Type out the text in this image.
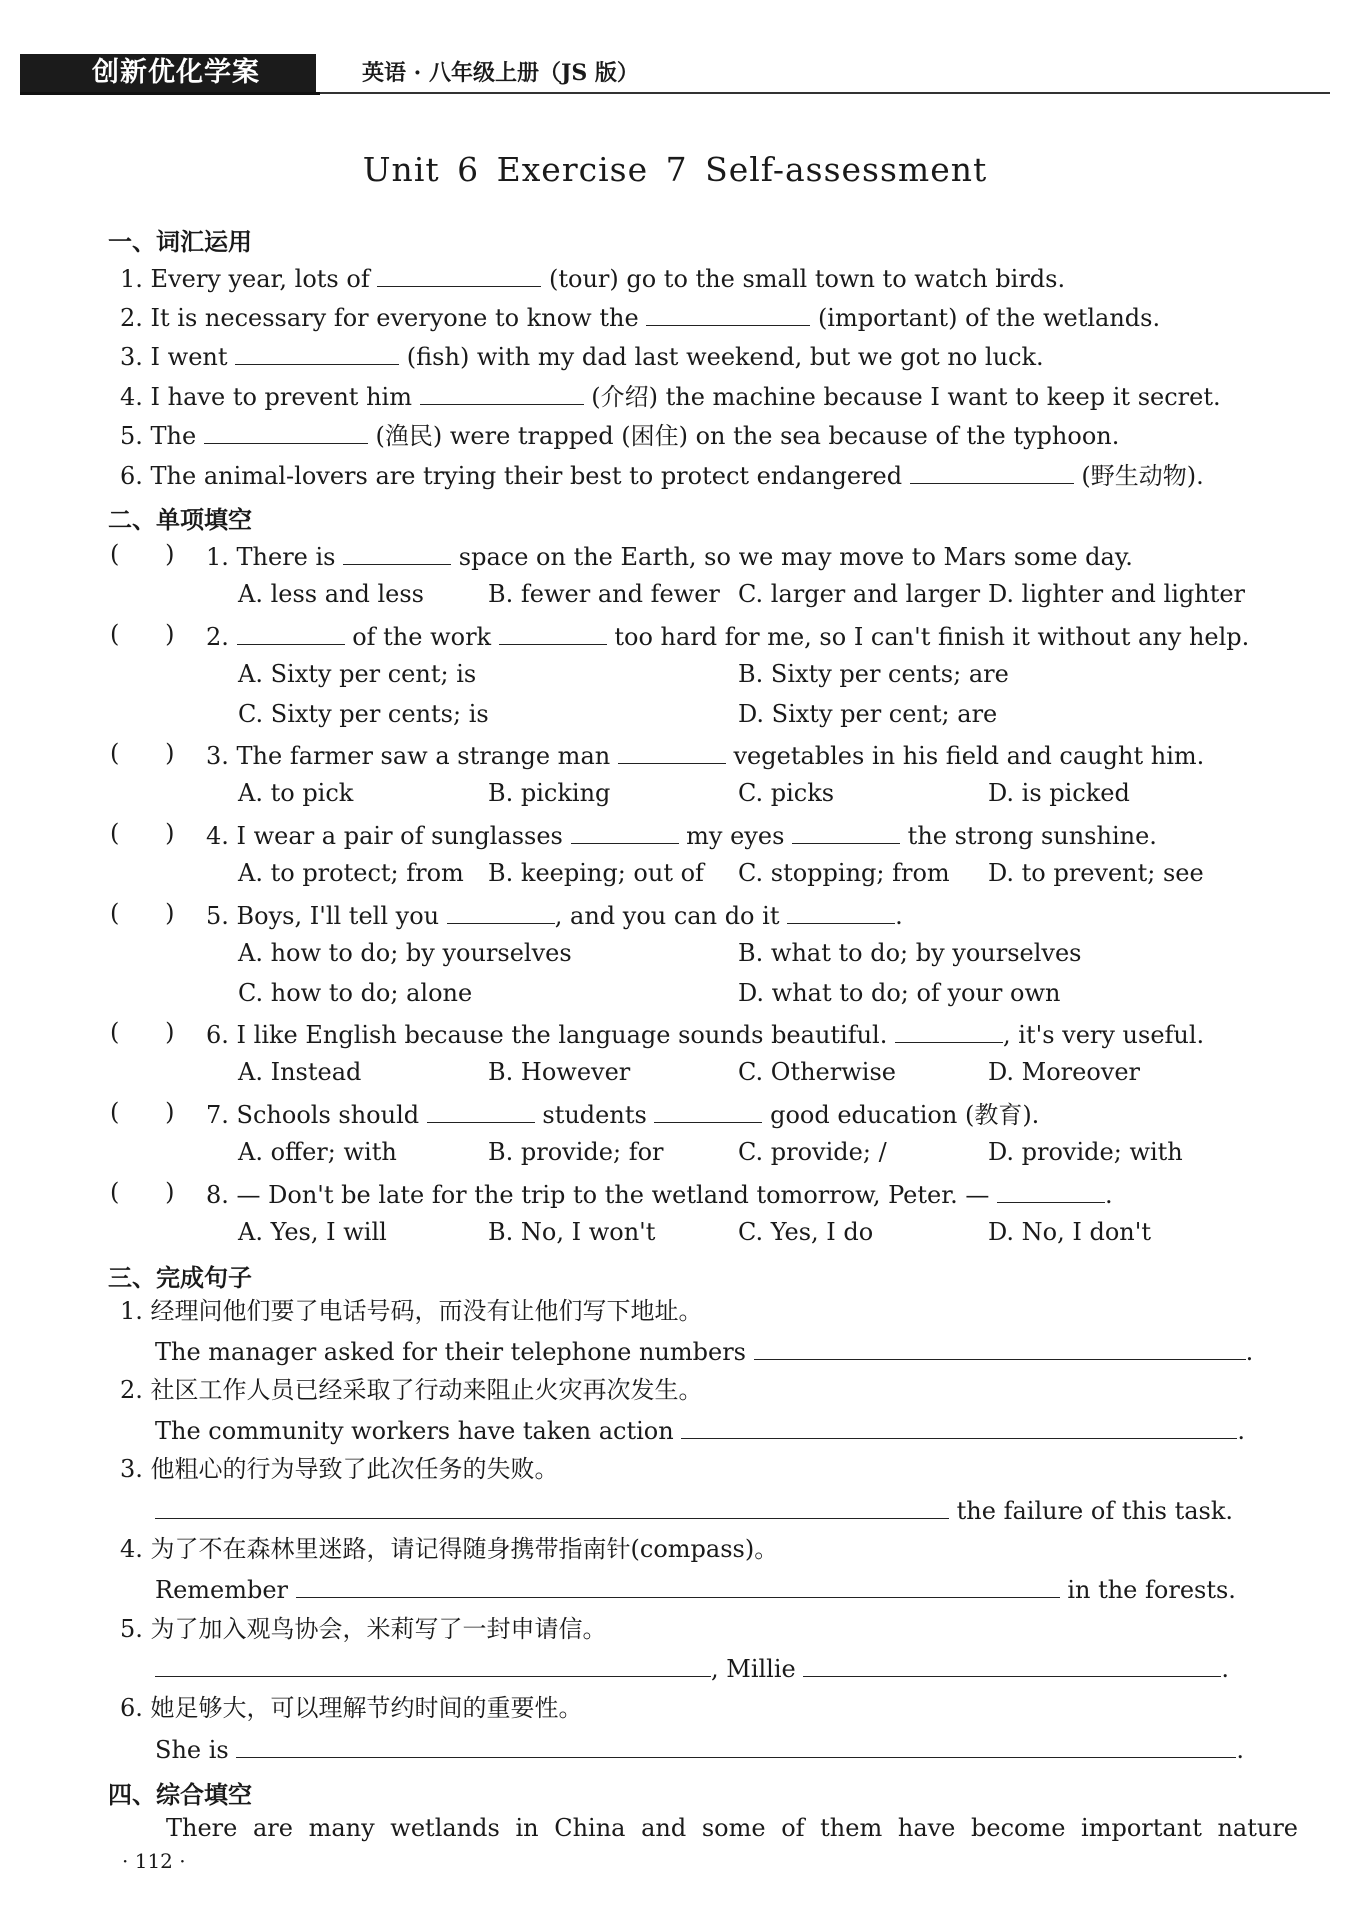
创新优化学案	英语 · 八年级上册（JS 版）
Unit 6 Exercise 7 Self-assessment
一、词汇运用
1. Every year, lots of	(tour) go to the small town to watch birds.
2. It is necessary for everyone to know the	(important) of the wetlands.
3. I went	(fish) with my dad last weekend, but we got no luck.
4. I have to prevent him	(介绍) the machine because I want to keep it secret.
5. The	(渔民) were trapped (困住) on the sea because of the typhoon.
6. The animal-lovers are trying their best to protect endangered	(野生动物).
二、单项填空
(      ) 1. There is	space on the Earth, so we may move to Mars some day.
A. less and less	B. fewer and fewer C. larger and larger D. lighter and lighter
(      ) 2.	of the work	too hard for me, so I can't finish it without any help.
A. Sixty per cent; is	B. Sixty per cents; are
C. Sixty per cents; is	D. Sixty per cent; are
(      ) 3. The farmer saw a strange man	vegetables in his field and caught him.
A. to pick	B. picking	C. picks	D. is picked
(      ) 4. I wear a pair of sunglasses	my eyes	the strong sunshine.
A. to protect; from B. keeping; out of C. stopping; from D. to prevent; see
(      ) 5. Boys, I'll tell you	, and you can do it	.
A. how to do; by yourselves	B. what to do; by yourselves
C. how to do; alone	D. what to do; of your own
(      ) 6. I like English because the language sounds beautiful.	, it's very useful.
A. Instead	B. However	C. Otherwise	D. Moreover
(      ) 7. Schools should	students	good education (教育).
A. offer; with	B. provide; for	C. provide; /	D. provide; with
(      ) 8. — Don't be late for the trip to the wetland tomorrow, Peter. —	.
A. Yes, I will	B. No, I won't	C. Yes, I do	D. No, I don't
三、完成句子
1. 经理问他们要了电话号码，而没有让他们写下地址。
The manager asked for their telephone numbers	.
2. 社区工作人员已经采取了行动来阻止火灾再次发生。
The community workers have taken action	.
3. 他粗心的行为导致了此次任务的失败。
the failure of this task.
4. 为了不在森林里迷路，请记得随身携带指南针(compass)。
Remember	in the forests.
5. 为了加入观鸟协会，米莉写了一封申请信。
, Millie	.
6. 她足够大，可以理解节约时间的重要性。
She is	.
四、综合填空
There are many wetlands in China and some of them have become important nature
· 112 ·
